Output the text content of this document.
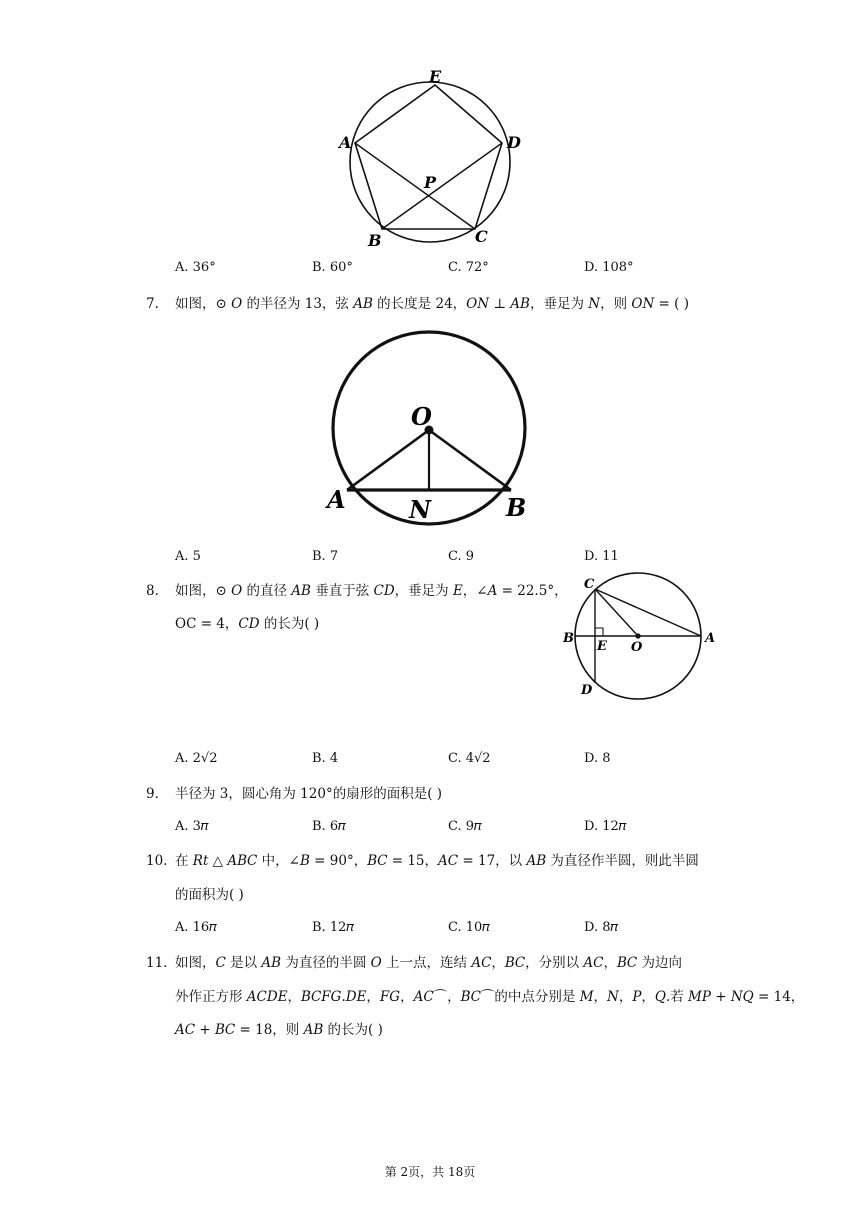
E
A	D
P
B	C
A. 36°	B. 60°	C. 72°	D. 108°
7. 如图，⊙ 𝑂 的半径为 13，弦 𝐴𝐵 的长度是 24，𝑂𝑁 ⊥ 𝐴𝐵，垂足为 𝑁，则 𝑂𝑁 = ( )
O
A	N	B
A. 5	B. 7	C. 9	D. 11
8. 如图，⊙ 𝑂 的直径 𝐴𝐵 垂直于弦 𝐶𝐷，垂足为 𝐸，∠𝐴 = 22.5°，
OC = 4，𝐶𝐷 的长为( )
C
B
E O
A
D
A. 2√2	B. 4	C. 4√2	D. 8
9. 半径为 3，圆心角为 120°的扇形的面积是( )
A. 3𝜋	B. 6𝜋	C. 9𝜋	D. 12𝜋
10. 在 𝑅𝑡 △ 𝐴𝐵𝐶 中，∠𝐵 = 90°，𝐵𝐶 = 15，𝐴𝐶 = 17，以 𝐴𝐵 为直径作半圆，则此半圆
的面积为( )
A. 16𝜋	B. 12𝜋	C. 10𝜋	D. 8𝜋
11. 如图，𝐶 是以 𝐴𝐵 为直径的半圆 𝑂 上一点，连结 𝐴𝐶，𝐵𝐶，分别以 𝐴𝐶，𝐵𝐶 为边向
外作正方形 𝐴𝐶𝐷𝐸，𝐵𝐶𝐹𝐺.𝐷𝐸，𝐹𝐺，𝐴𝐶⌒，𝐵𝐶⌒的中点分别是 𝑀，𝑁，𝑃，𝑄.若 𝑀𝑃 + 𝑁𝑄 = 14，
𝐴𝐶 + 𝐵𝐶 = 18，则 𝐴𝐵 的长为( )
第 2页，共 18页
